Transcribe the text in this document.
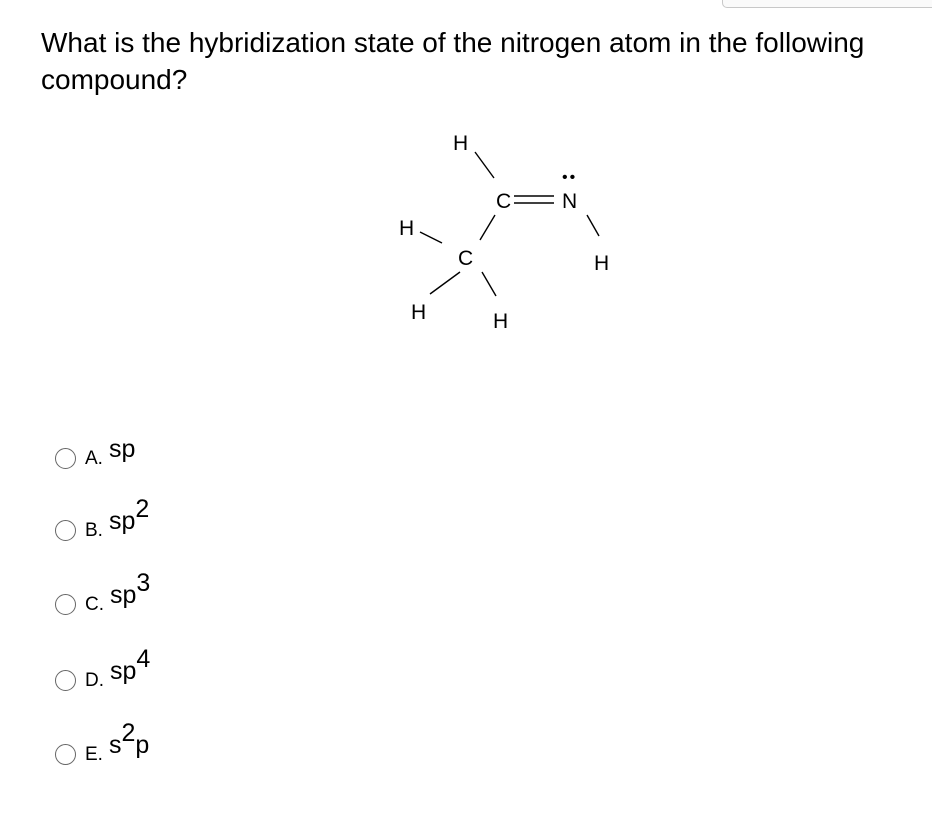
What is the hybridization state of the nitrogen atom in the following compound?
H
C N
••
H
H
C
H	H
A. sp
B. $sp^2$
C. $sp^3$
D. $sp^4$
E. $s^2p$
